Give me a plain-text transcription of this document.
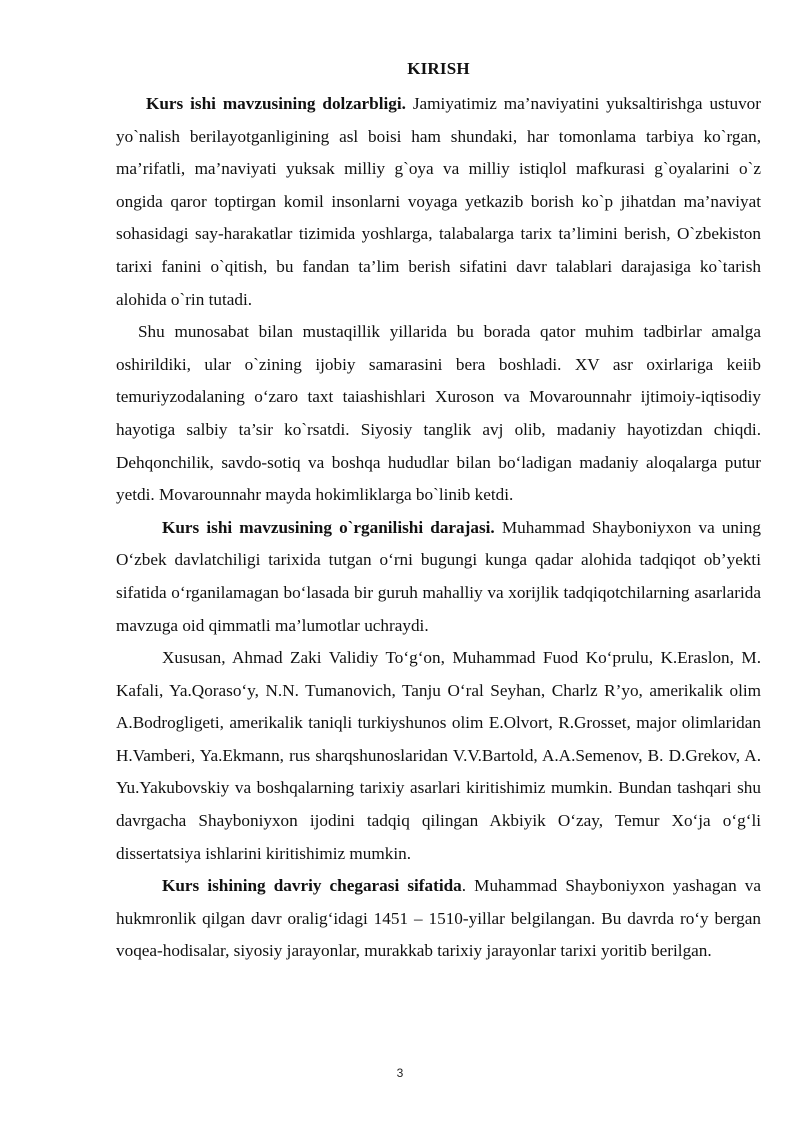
KIRISH

Kurs ishi mavzusining dolzarbligi. Jamiyatimiz ma’naviyatini yuksaltirishga ustuvor yo`nalish berilayotganligining asl boisi ham shundaki, har tomonlama tarbiya ko`rgan, ma’rifatli, ma’naviyati yuksak milliy g`oya va milliy istiqlol mafkurasi g`oyalarini o`z ongida qaror toptirgan komil insonlarni voyaga yetkazib borish ko`p jihatdan ma’naviyat sohasidagi say-harakatlar tizimida yoshlarga, talabalarga tarix ta’limini berish, O`zbekiston tarixi fanini o`qitish, bu fandan ta’lim berish sifatini davr talablari darajasiga ko`tarish alohida o`rin tutadi.

Shu munosabat bilan mustaqillik yillarida bu borada qator muhim tadbirlar amalga oshirildiki, ular o`zining ijobiy samarasini bera boshladi. XV asr oxirlariga keiib temuriyzodalaning o‘zaro taxt taiashishlari Xuroson va Movarounnahr ijtimoiy-iqtisodiy hayotiga salbiy ta’sir ko`rsatdi. Siyosiy tanglik avj olib, madaniy hayotizdan chiqdi. Dehqonchilik, savdo-sotiq va boshqa hududlar bilan bo‘ladigan madaniy aloqalarga putur yetdi. Movarounnahr mayda hokimliklarga bo`linib ketdi.

Kurs ishi mavzusining o`rganilishi darajasi. Muhammad Shayboniyxon va uning O‘zbek davlatchiligi tarixida tutgan o‘rni bugungi kunga qadar alohida tadqiqot ob’yekti sifatida o‘rganilamagan bo‘lasada bir guruh mahalliy va xorijlik tadqiqotchilarning asarlarida mavzuga oid qimmatli ma’lumotlar uchraydi.

Xususan, Ahmad Zaki Validiy To‘g‘on, Muhammad Fuod Ko‘prulu, K.Eraslon, M. Kafali, Ya.Qoraso‘y, N.N. Tumanovich, Tanju O‘ral Seyhan, Charlz R’yo, amerikalik olim A.Bodrogligeti, amerikalik taniqli turkiyshunos olim E.Olvort, R.Grosset, major olimlaridan H.Vamberi, Ya.Ekmann, rus sharqshunoslaridan V.V.Bartold, A.A.Semenov, B. D.Grekov, A. Yu.Yakubovskiy va boshqalarning tarixiy asarlari kiritishimiz mumkin. Bundan tashqari shu davrgacha Shayboniyxon ijodini tadqiq qilingan Akbiyik O‘zay, Temur Xo‘ja o‘g‘li dissertatsiya ishlarini kiritishimiz mumkin.

Kurs ishining davriy chegarasi sifatida. Muhammad Shayboniyxon yashagan va hukmronlik qilgan davr oralig‘idagi 1451 – 1510-yillar belgilangan. Bu davrda ro‘y bergan voqea-hodisalar, siyosiy jarayonlar, murakkab tarixiy jarayonlar tarixi yoritib berilgan.

3
